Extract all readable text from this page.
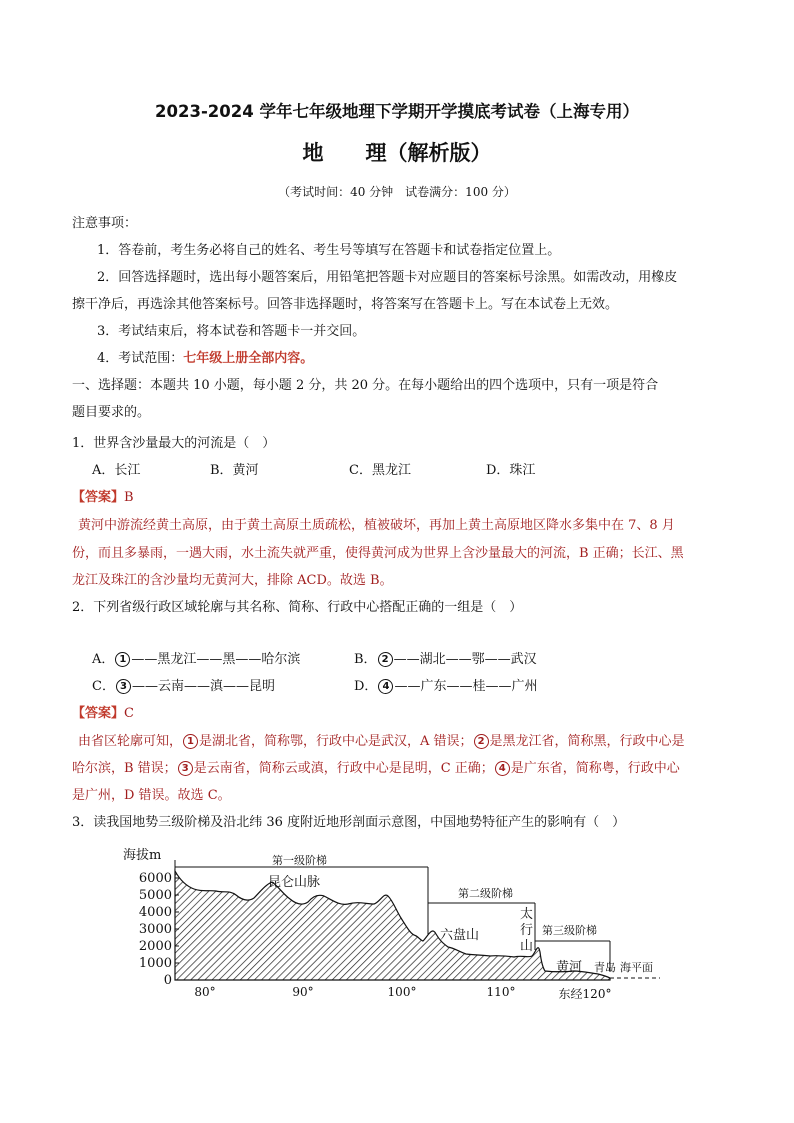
2023-2024 学年七年级地理下学期开学摸底考试卷（上海专用）
地　　理（解析版）
（考试时间：40 分钟　试卷满分：100 分）
注意事项：
1．答卷前，考生务必将自己的姓名、考生号等填写在答题卡和试卷指定位置上。
2．回答选择题时，选出每小题答案后，用铅笔把答题卡对应题目的答案标号涂黑。如需改动，用橡皮
擦干净后，再选涂其他答案标号。回答非选择题时，将答案写在答题卡上。写在本试卷上无效。
3．考试结束后，将本试卷和答题卡一并交回。
4．考试范围：七年级上册全部内容。
一、选择题：本题共 10 小题，每小题 2 分，共 20 分。在每小题给出的四个选项中，只有一项是符合
题目要求的。
1．世界含沙量最大的河流是（　）
A．长江	B．黄河	C．黑龙江	D．珠江
【答案】B
黄河中游流经黄土高原，由于黄土高原土质疏松，植被破坏，再加上黄土高原地区降水多集中在 7、8 月
份，而且多暴雨，一遇大雨，水土流失就严重，使得黄河成为世界上含沙量最大的河流，B 正确；长江、黑
龙江及珠江的含沙量均无黄河大，排除 ACD。故选 B。
2．下列省级行政区域轮廓与其名称、简称、行政中心搭配正确的一组是（　）
A． 1 ——黑龙江——黑——哈尔滨	B． 2 ——湖北——鄂——武汉
C． 3 ——云南——滇——昆明	D． 4 ——广东——桂——广州
【答案】C
由省区轮廓可知， 1 是湖北省，简称鄂，行政中心是武汉，A 错误； 2 是黑龙江省，简称黑，行政中心是
哈尔滨，B 错误； 3 是云南省，简称云或滇，行政中心是昆明，C 正确； 4 是广东省，简称粤，行政中心
是广州，D 错误。故选 C。
3．读我国地势三级阶梯及沿北纬 36 度附近地形剖面示意图，中国地势特征产生的影响有（　）
海拔m
6000
5000
4000
3000
2000
1000
0
80°	90°	100°	110°	东经120°
第一级阶梯
第二级阶梯
第三级阶梯
昆仑山脉
六盘山
太
行
山
黄河 青岛 海平面
